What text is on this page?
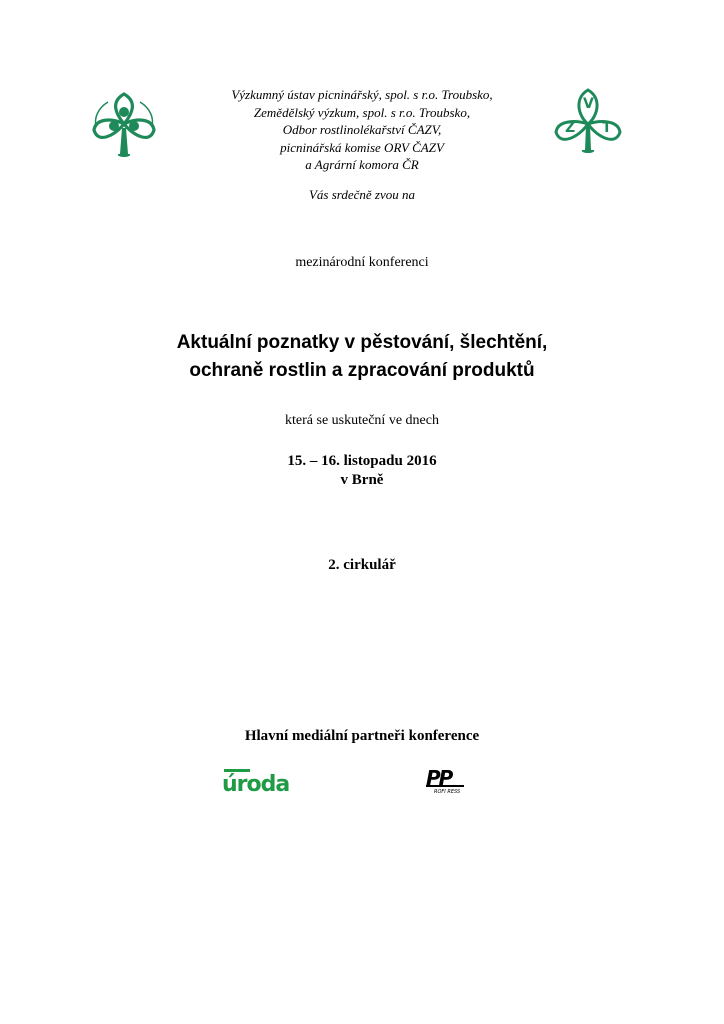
Výzkumný ústav picninářský, spol. s r.o. Troubsko,
Zemědělský výzkum, spol. s r.o. Troubsko,
Odbor rostlinolékařství ČAZV,
picninářská komise ORV ČAZV
a Agrární komora ČR
Vás srdečně zvou na
V
Z T
mezinárodní konferenci
Aktuální poznatky v pěstování, šlechtění,
ochraně rostlin a zpracování produktů
která se uskuteční ve dnech
15. – 16. listopadu 2016
v Brně
2. cirkulář
Hlavní mediální partneři konference
úroda	PP
ROFI RESS
